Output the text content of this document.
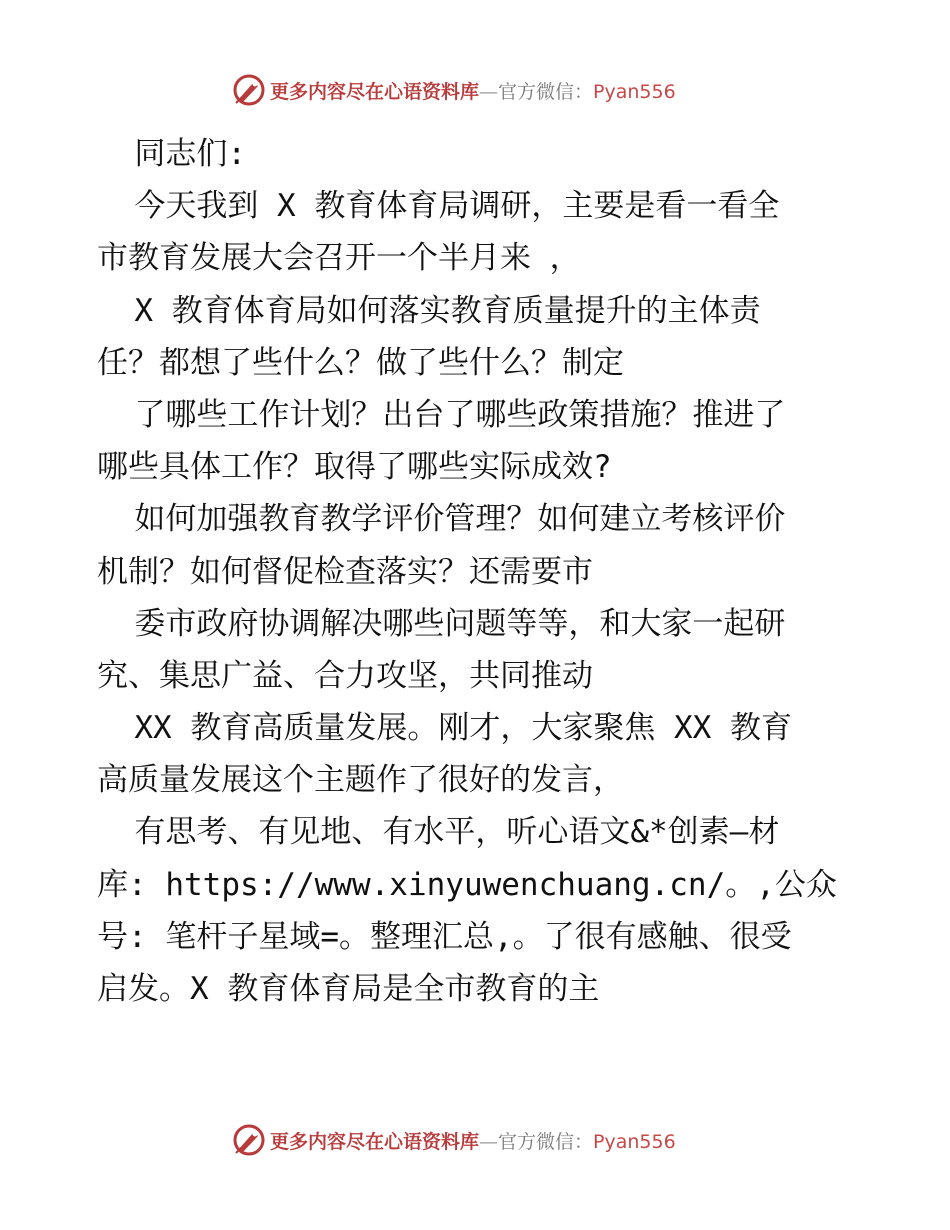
更多内容尽在心语资料库—官方微信：Pyan556
同志们:
今天我到 X 教育体育局调研，主要是看一看全
市教育发展大会召开一个半月来 ，
X 教育体育局如何落实教育质量提升的主体责
任？都想了些什么？做了些什么？制定
了哪些工作计划？出台了哪些政策措施？推进了
哪些具体工作？取得了哪些实际成效?
如何加强教育教学评价管理？如何建立考核评价
机制？如何督促检查落实？还需要市
委市政府协调解决哪些问题等等，和大家一起研
究、集思广益、合力攻坚，共同推动
XX 教育高质量发展。刚才，大家聚焦 XX 教育
高质量发展这个主题作了很好的发言，
有思考、有见地、有水平，听心语文&*创素—材
库: https://www.xinyuwenchuang.cn/。,公众
号: 笔杆子星域=。整理汇总,。了很有感触、很受
启发。X 教育体育局是全市教育的主
更多内容尽在心语资料库—官方微信：Pyan556
